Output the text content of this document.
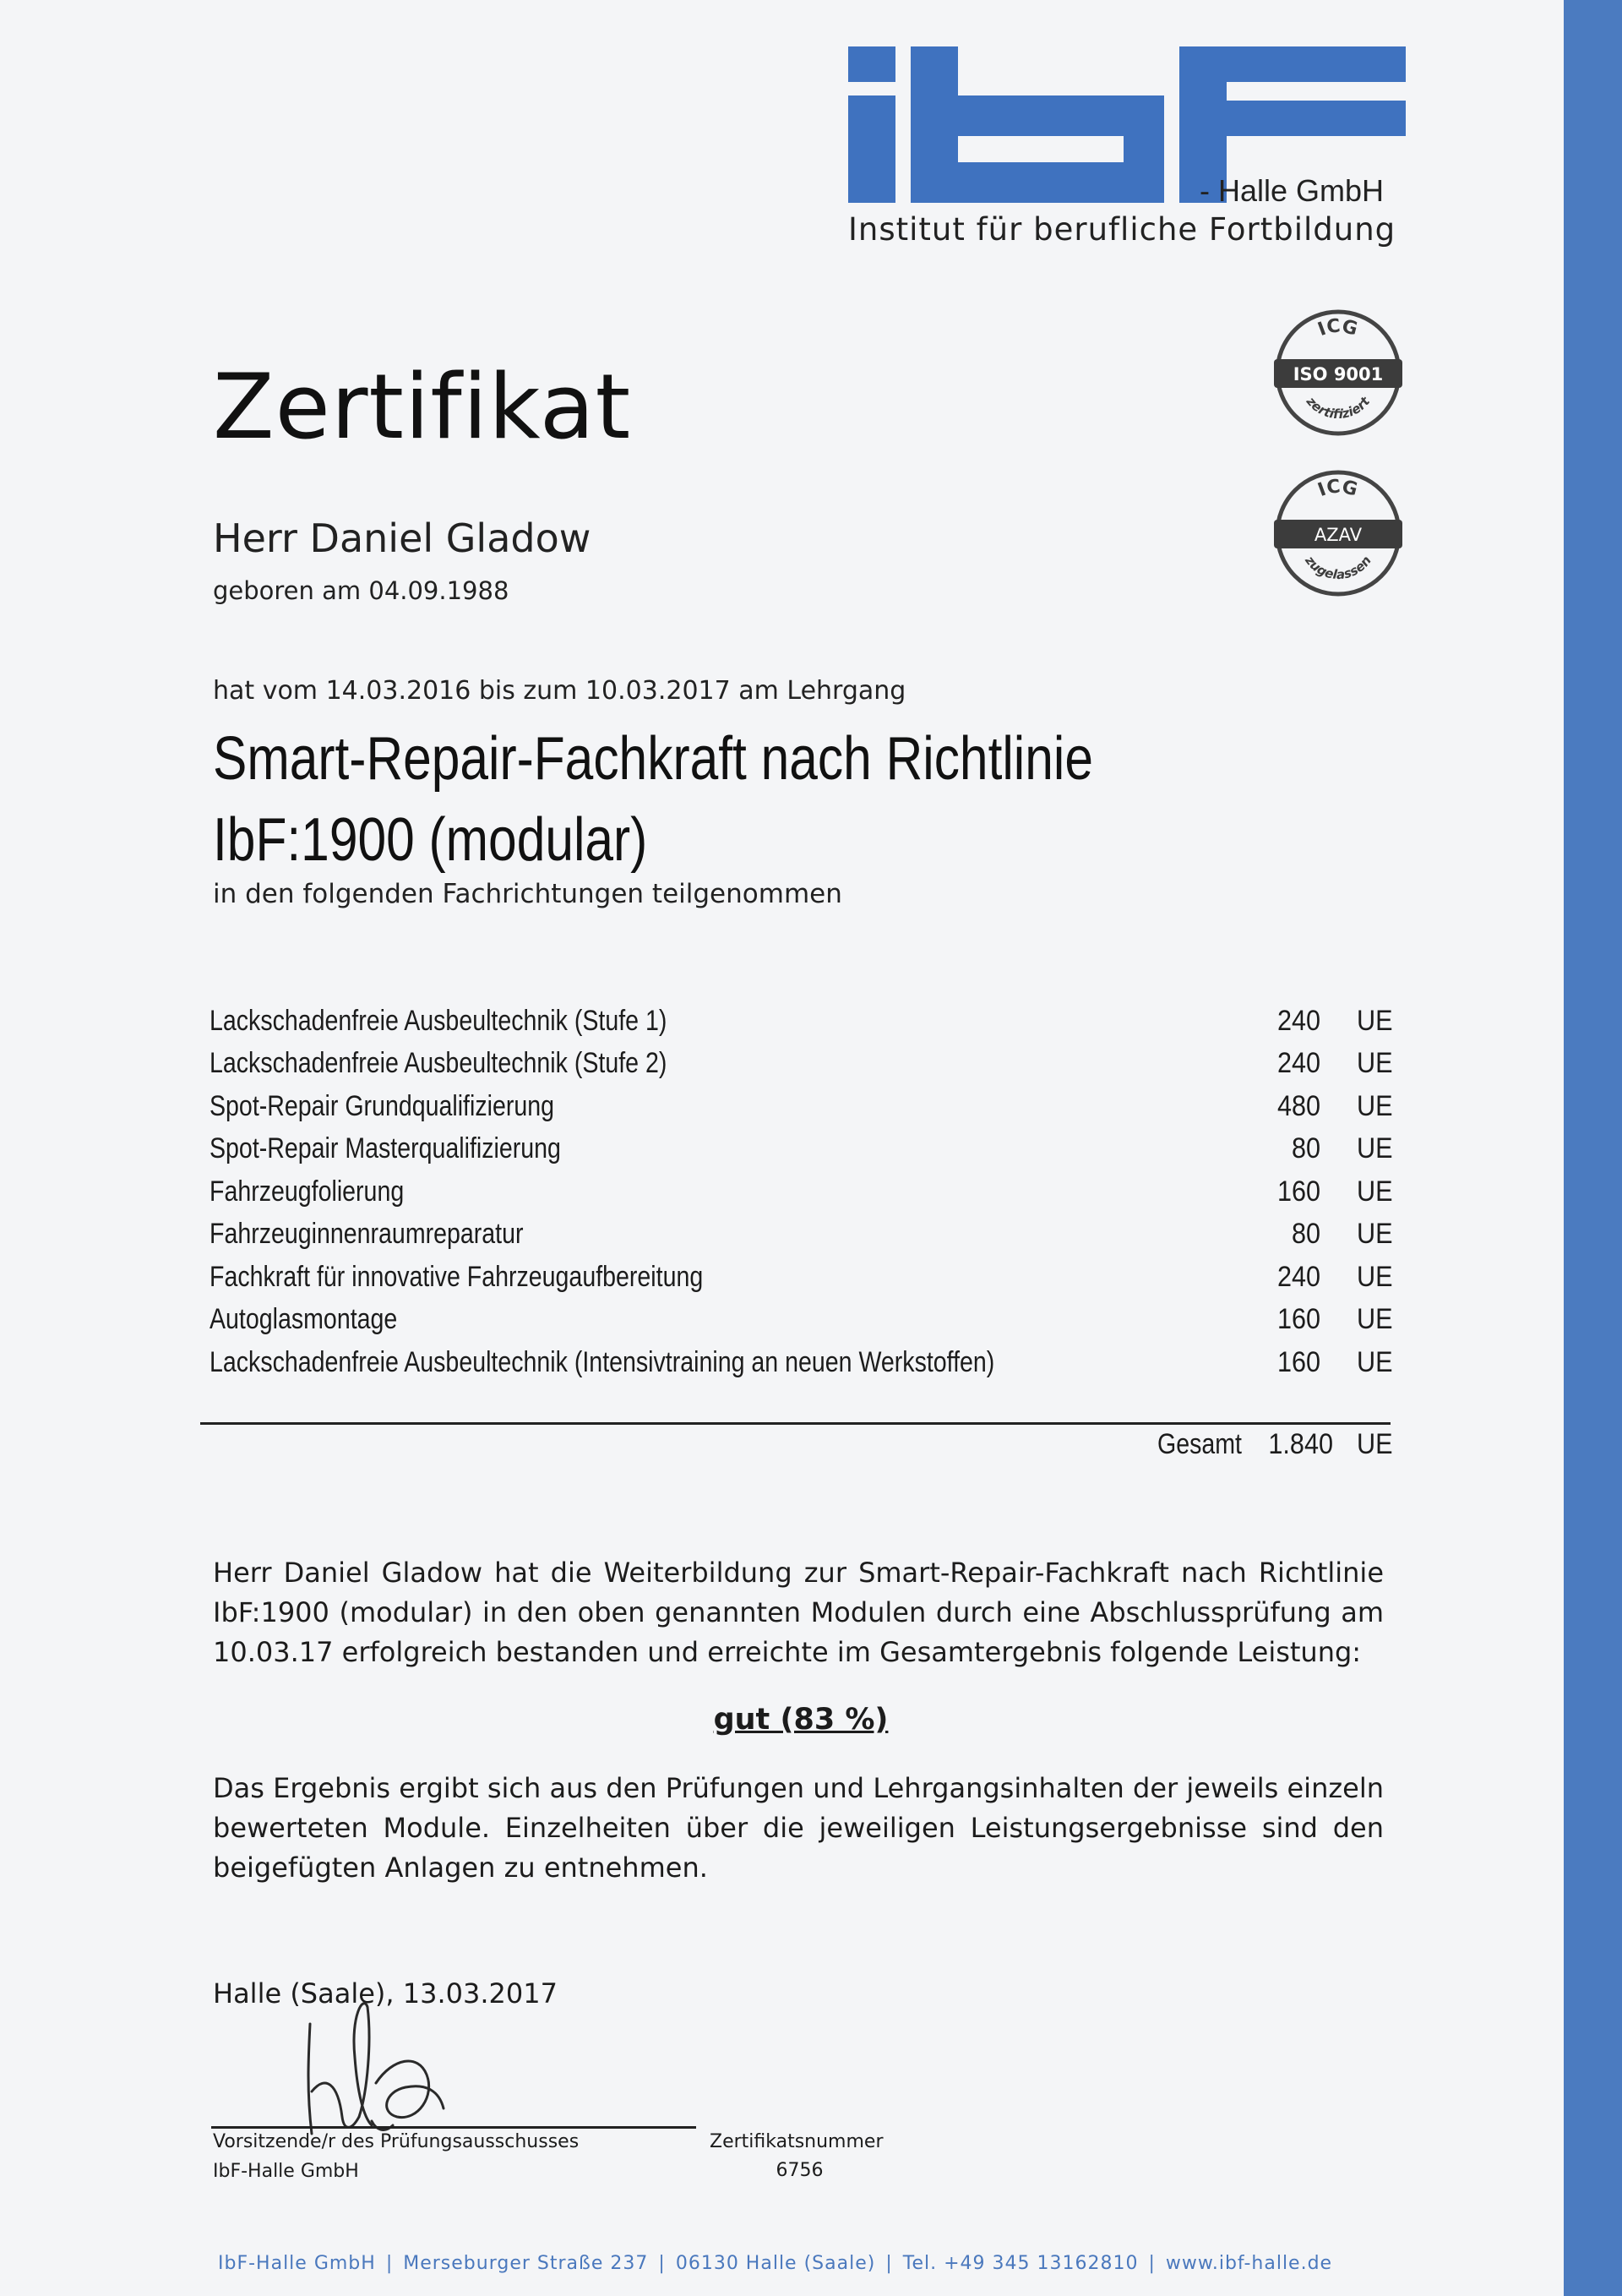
- Halle GmbH
Institut für berufliche Fortbildung
ICG
ISO 9001
zertifiziert
ICG
AZAV
zugelassen
Zertifikat
Herr Daniel Gladow
geboren am 04.09.1988
hat vom 14.03.2016 bis zum 10.03.2017 am Lehrgang
Smart-Repair-Fachkraft nach Richtlinie IbF:1900 (modular)
in den folgenden Fachrichtungen teilgenommen
Lackschadenfreie Ausbeultechnik (Stufe 1)	240 UE
Lackschadenfreie Ausbeultechnik (Stufe 2)	240 UE
Spot-Repair Grundqualifizierung	480 UE
Spot-Repair Masterqualifizierung	80 UE
Fahrzeugfolierung	160 UE
Fahrzeuginnenraumreparatur	80 UE
Fachkraft für innovative Fahrzeugaufbereitung	240 UE
Autoglasmontage	160 UE
Lackschadenfreie Ausbeultechnik (Intensivtraining an neuen Werkstoffen)	160 UE
Gesamt 1.840 UE
Herr Daniel Gladow hat die Weiterbildung zur Smart-Repair-Fachkraft nach Richtlinie IbF:1900 (modular) in den oben genannten Modulen durch eine Abschlussprüfung am 10.03.17 erfolgreich bestanden und erreichte im Gesamtergebnis folgende Leistung:
gut (83 %)
Das Ergebnis ergibt sich aus den Prüfungen und Lehrgangsinhalten der jeweils einzeln bewerteten Module. Einzelheiten über die jeweiligen Leistungsergebnisse sind den beigefügten Anlagen zu entnehmen.
Halle (Saale), 13.03.2017
Vorsitzende/r des Prüfungsausschusses
IbF-Halle GmbH
Zertifikatsnummer
6756
IbF-Halle GmbH | Merseburger Straße 237 | 06130 Halle (Saale) | Tel. +49 345 13162810 | www.ibf-halle.de
